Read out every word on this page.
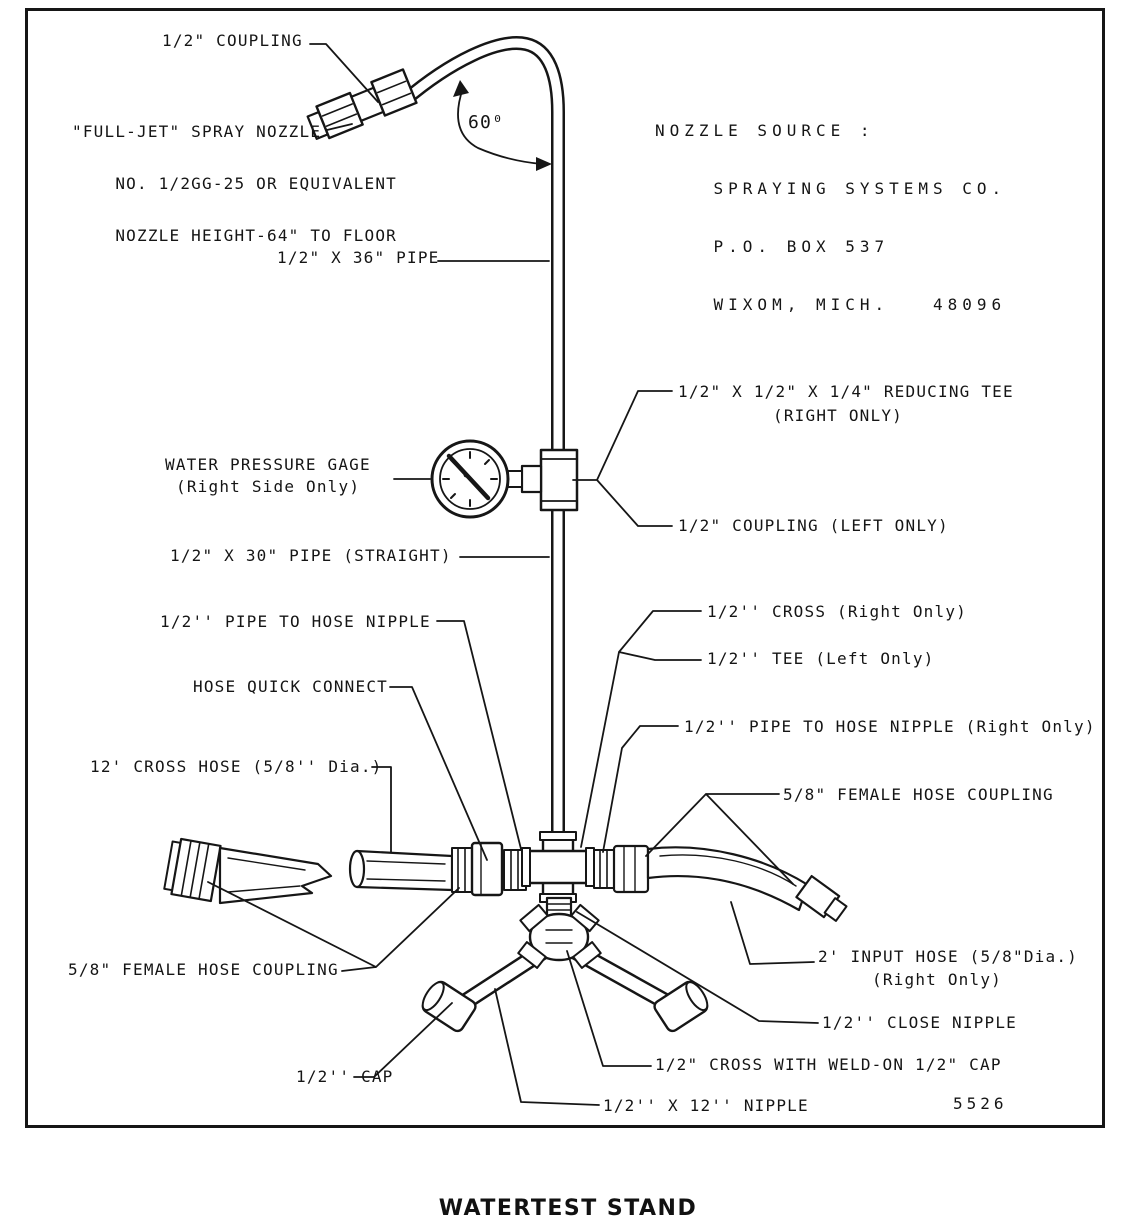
1/2" COUPLING
"FULL-JET" SPRAY NOZZLE

NO. 1/2GG-25 OR EQUIVALENT

NOZZLE HEIGHT-64" TO FLOOR
60⁰	NOZZLE SOURCE :

SPRAYING SYSTEMS CO.

P.O. BOX 537

WIXOM, MICH.   48096
1/2" X 36" PIPE
1/2" X 1/2" X 1/4" REDUCING TEE
(RIGHT ONLY)
WATER PRESSURE GAGE
(Right Side Only)
1/2" COUPLING (LEFT ONLY)
1/2" X 30" PIPE (STRAIGHT)
1/2'' PIPE TO HOSE NIPPLE
1/2'' CROSS (Right Only)
1/2'' TEE (Left Only)
HOSE QUICK CONNECT
1/2'' PIPE TO HOSE NIPPLE (Right Only)
12' CROSS HOSE (5/8'' Dia.)
5/8" FEMALE HOSE COUPLING
5/8" FEMALE HOSE COUPLING
2' INPUT HOSE (5/8"Dia.)
(Right Only)
1/2'' CLOSE NIPPLE
1/2'' CAP
1/2" CROSS WITH WELD-ON 1/2" CAP
1/2'' X 12'' NIPPLE	5526
WATERTEST STAND
